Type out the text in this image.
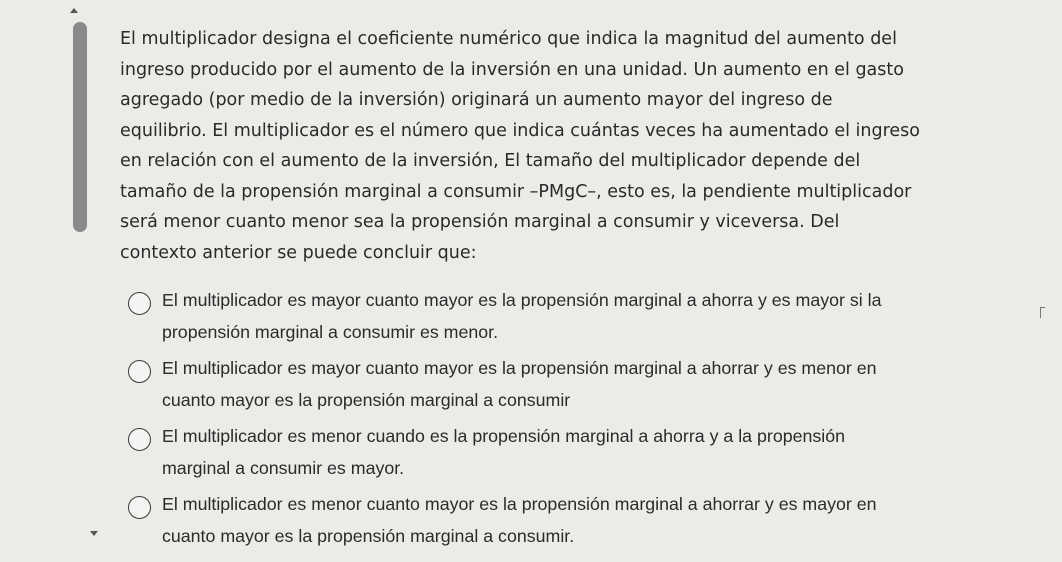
El multiplicador designa el coeficiente numérico que indica la magnitud del aumento del ingreso producido por el aumento de la inversión en una unidad. Un aumento en el gasto agregado (por medio de la inversión) originará un aumento mayor del ingreso de equilibrio. El multiplicador es el número que indica cuántas veces ha aumentado el ingreso en relación con el aumento de la inversión, El tamaño del multiplicador depende del tamaño de la propensión marginal a consumir –PMgC–, esto es, la pendiente multiplicador será menor cuanto menor sea la propensión marginal a consumir y viceversa. Del contexto anterior se puede concluir que:

El multiplicador es mayor cuanto mayor es la propensión marginal a ahorra y es mayor si la propensión marginal a consumir es menor.
El multiplicador es mayor cuanto mayor es la propensión marginal a ahorrar y es menor en cuanto mayor es la propensión marginal a consumir
El multiplicador es menor cuando es la propensión marginal a ahorra y a la propensión marginal a consumir es mayor.
El multiplicador es menor cuanto mayor es la propensión marginal a ahorrar y es mayor en cuanto mayor es la propensión marginal a consumir.
